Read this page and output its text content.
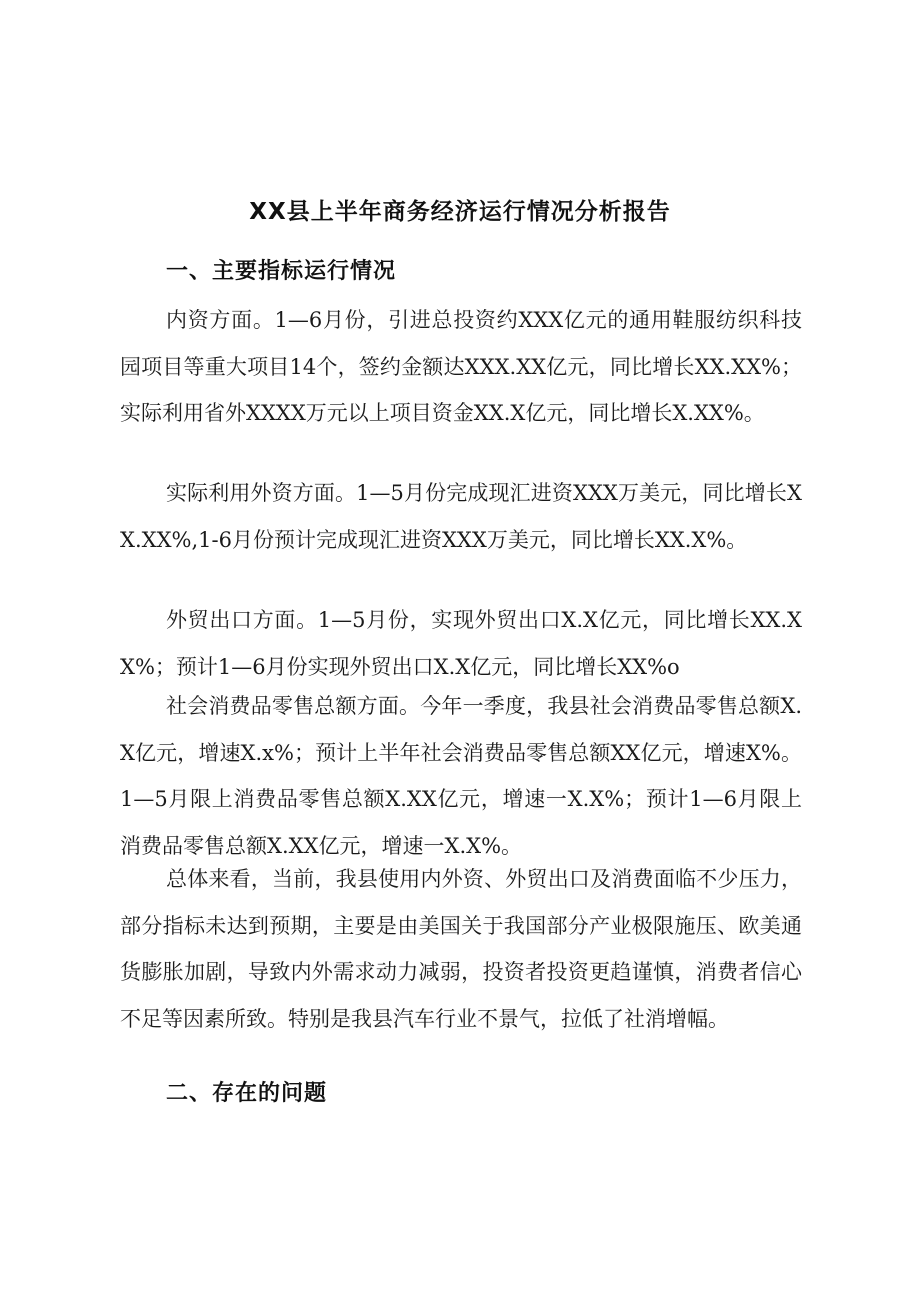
XX县上半年商务经济运行情况分析报告
一、主要指标运行情况

内资方面。1—6月份，引进总投资约XXX亿元的通用鞋服纺织科技园项目等重大项目14个，签约金额达XXX.XX亿元，同比增长XX.XX%；实际利用省外XXXX万元以上项目资金XX.X亿元，同比增长X.XX%。

实际利用外资方面。1—5月份完成现汇进资XXX万美元，同比增长XX.XX%,1-6月份预计完成现汇进资XXX万美元，同比增长XX.X%。

外贸出口方面。1—5月份，实现外贸出口X.X亿元，同比增长XX.XX%；预计1—6月份实现外贸出口X.X亿元，同比增长XX%o

社会消费品零售总额方面。今年一季度，我县社会消费品零售总额X.X亿元，增速X.x%；预计上半年社会消费品零售总额XX亿元，增速X%。1—5月限上消费品零售总额X.XX亿元，增速一X.X%；预计1—6月限上消费品零售总额X.XX亿元，增速一X.X%。

总体来看，当前，我县使用内外资、外贸出口及消费面临不少压力，部分指标未达到预期，主要是由美国关于我国部分产业极限施压、欧美通货膨胀加剧，导致内外需求动力减弱，投资者投资更趋谨慎，消费者信心不足等因素所致。特别是我县汽车行业不景气，拉低了社消增幅。

二、存在的问题
